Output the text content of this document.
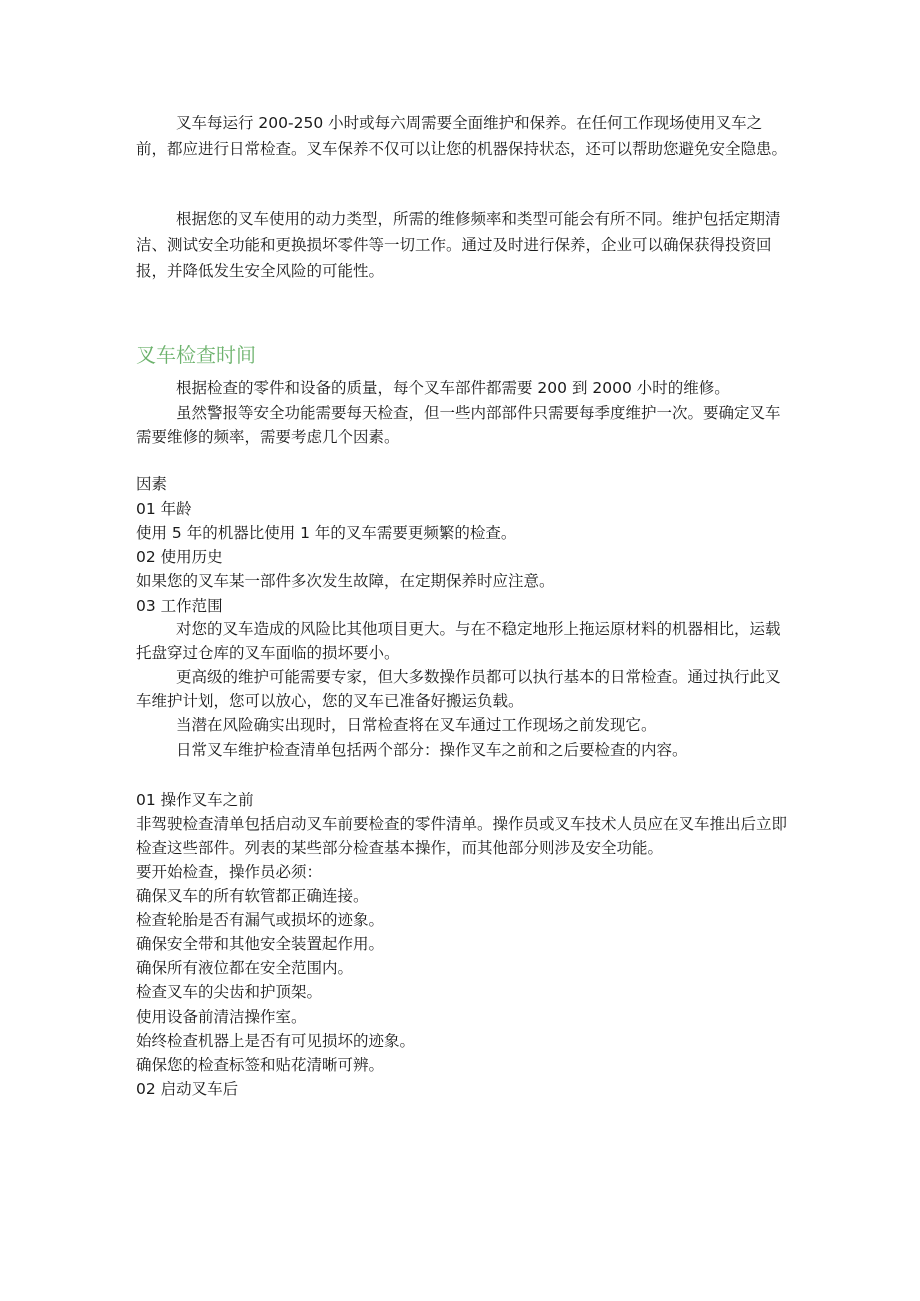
叉车每运行 200-250 小时或每六周需要全面维护和保养。在任何工作现场使用叉车之前，都应进行日常检查。叉车保养不仅可以让您的机器保持状态，还可以帮助您避免安全隐患。

根据您的叉车使用的动力类型，所需的维修频率和类型可能会有所不同。维护包括定期清洁、测试安全功能和更换损坏零件等一切工作。通过及时进行保养，企业可以确保获得投资回报，并降低发生安全风险的可能性。

叉车检查时间

根据检查的零件和设备的质量，每个叉车部件都需要 200 到 2000 小时的维修。

虽然警报等安全功能需要每天检查，但一些内部部件只需要每季度维护一次。要确定叉车需要维修的频率，需要考虑几个因素。

因素

01 年龄

使用 5 年的机器比使用 1 年的叉车需要更频繁的检查。

02 使用历史

如果您的叉车某一部件多次发生故障，在定期保养时应注意。

03 工作范围

对您的叉车造成的风险比其他项目更大。与在不稳定地形上拖运原材料的机器相比，运载托盘穿过仓库的叉车面临的损坏要小。

更高级的维护可能需要专家，但大多数操作员都可以执行基本的日常检查。通过执行此叉车维护计划，您可以放心，您的叉车已准备好搬运负载。

当潜在风险确实出现时，日常检查将在叉车通过工作现场之前发现它。

日常叉车维护检查清单包括两个部分：操作叉车之前和之后要检查的内容。

01 操作叉车之前

非驾驶检查清单包括启动叉车前要检查的零件清单。操作员或叉车技术人员应在叉车推出后立即检查这些部件。列表的某些部分检查基本操作，而其他部分则涉及安全功能。

要开始检查，操作员必须：

确保叉车的所有软管都正确连接。

检查轮胎是否有漏气或损坏的迹象。

确保安全带和其他安全装置起作用。

确保所有液位都在安全范围内。

检查叉车的尖齿和护顶架。

使用设备前清洁操作室。

始终检查机器上是否有可见损坏的迹象。

确保您的检查标签和贴花清晰可辨。

02 启动叉车后
